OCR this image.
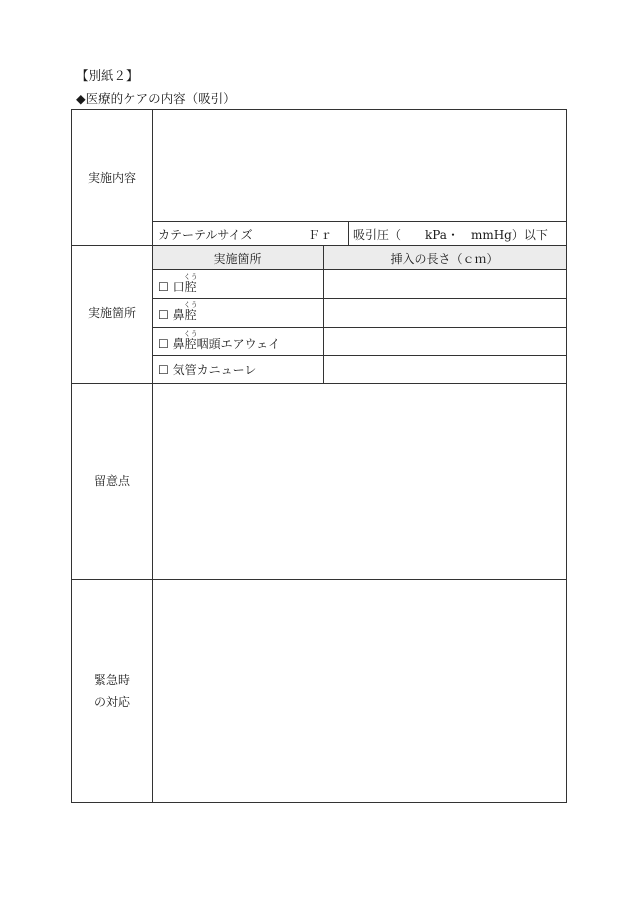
【別紙２】
◆医療的ケアの内容（吸引）
実施内容
カテーテルサイズ	Ｆｒ 吸引圧（　　kPa・　mmHg）以下
実施箇所	挿入の長さ（ｃｍ）
実施箇所
☐ 口腔くう
☐ 鼻腔くう
☐ 鼻腔くう咽頭エアウェイ
☐ 気管カニューレ
留意点
緊急時
の対応
